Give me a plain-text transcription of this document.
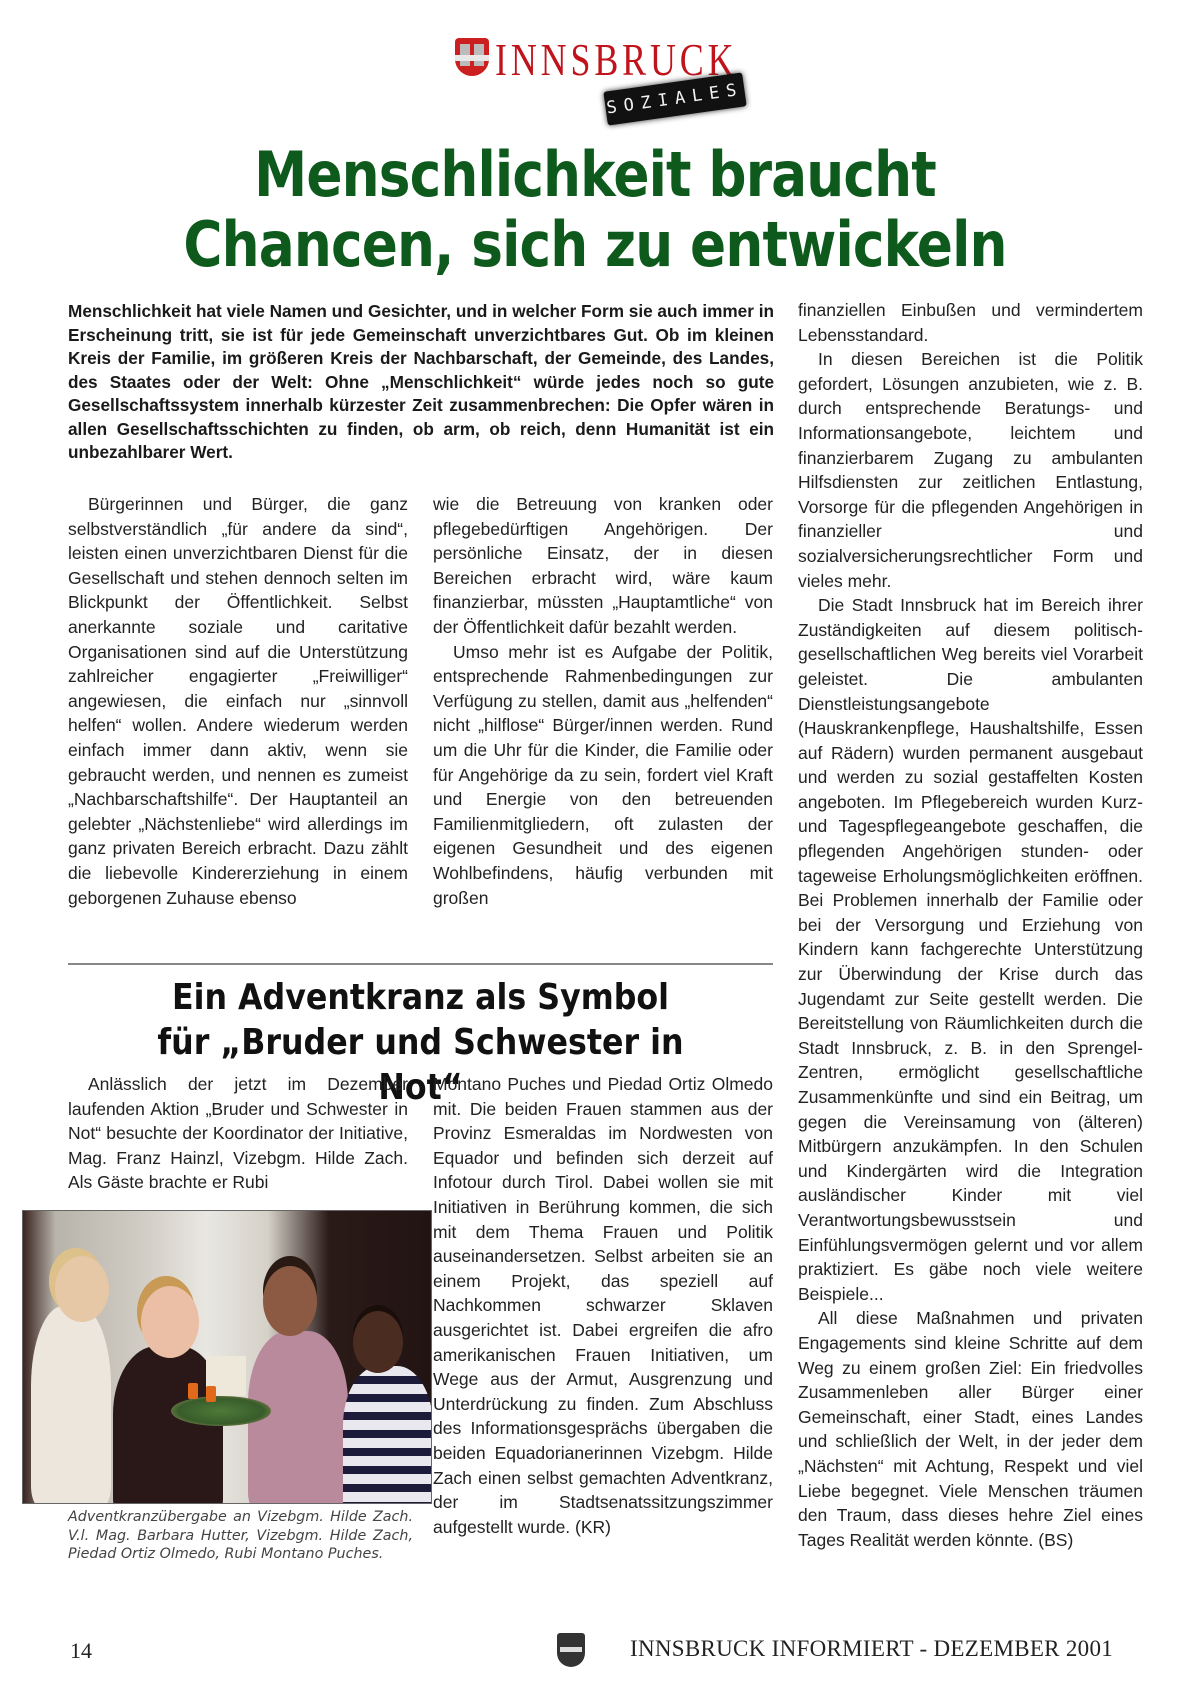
INNSBRUCK
SOZIALES
Menschlichkeit braucht
Chancen, sich zu entwickeln
Menschlichkeit hat viele Namen und Gesichter, und in welcher Form sie auch immer in Erscheinung tritt, sie ist für jede Gemeinschaft unverzichtbares Gut. Ob im kleinen Kreis der Familie, im größeren Kreis der Nachbarschaft, der Gemeinde, des Landes, des Staates oder der Welt: Ohne „Menschlichkeit“ würde jedes noch so gute Gesellschaftssystem innerhalb kürzester Zeit zusammenbrechen: Die Opfer wären in allen Gesellschaftsschichten zu finden, ob arm, ob reich, denn Humanität ist ein unbezahlbarer Wert.

Bürgerinnen und Bürger, die ganz selbstverständlich „für andere da sind“, leisten einen unverzichtbaren Dienst für die Gesellschaft und stehen dennoch selten im Blickpunkt der Öffentlichkeit. Selbst anerkannte soziale und caritative Organisationen sind auf die Unterstützung zahlreicher engagierter „Freiwilliger“ angewiesen, die einfach nur „sinnvoll helfen“ wollen. Andere wiederum werden einfach immer dann aktiv, wenn sie gebraucht werden, und nennen es zumeist „Nachbarschaftshilfe“. Der Hauptanteil an gelebter „Nächstenliebe“ wird allerdings im ganz privaten Bereich erbracht. Dazu zählt die liebevolle Kindererziehung in einem geborgenen Zuhause ebenso

wie die Betreuung von kranken oder pflegebedürftigen Angehörigen. Der persönliche Einsatz, der in diesen Bereichen erbracht wird, wäre kaum finanzierbar, müssten „Hauptamtliche“ von der Öffentlichkeit dafür bezahlt werden.

Umso mehr ist es Aufgabe der Politik, entsprechende Rahmenbedingungen zur Verfügung zu stellen, damit aus „helfenden“ nicht „hilflose“ Bürger/innen werden. Rund um die Uhr für die Kinder, die Familie oder für Angehörige da zu sein, fordert viel Kraft und Energie von den betreuenden Familienmitgliedern, oft zulasten der eigenen Gesundheit und des eigenen Wohlbefindens, häufig verbunden mit großen

finanziellen Einbußen und vermindertem Lebensstandard.

In diesen Bereichen ist die Politik gefordert, Lösungen anzubieten, wie z. B. durch entsprechende Beratungs- und Informationsangebote, leichtem und finanzierbarem Zugang zu ambulanten Hilfsdiensten zur zeitlichen Entlastung, Vorsorge für die pflegenden Angehörigen in finanzieller und sozialversicherungsrechtlicher Form und vieles mehr.

Die Stadt Innsbruck hat im Bereich ihrer Zuständigkeiten auf diesem politisch-gesellschaftlichen Weg bereits viel Vorarbeit geleistet. Die ambulanten Dienstleistungsangebote (Hauskrankenpflege, Haushaltshilfe, Essen auf Rädern) wurden permanent ausgebaut und werden zu sozial gestaffelten Kosten angeboten. Im Pflegebereich wurden Kurz- und Tagespflegeangebote geschaffen, die pflegenden Angehörigen stunden- oder tageweise Erholungsmöglichkeiten eröffnen. Bei Problemen innerhalb der Familie oder bei der Versorgung und Erziehung von Kindern kann fachgerechte Unterstützung zur Überwindung der Krise durch das Jugendamt zur Seite gestellt werden. Die Bereitstellung von Räumlichkeiten durch die Stadt Innsbruck, z. B. in den Sprengel-Zentren, ermöglicht gesellschaftliche Zusammenkünfte und sind ein Beitrag, um gegen die Vereinsamung von (älteren) Mitbürgern anzukämpfen. In den Schulen und Kindergärten wird die Integration ausländischer Kinder mit viel Verantwortungsbewusstsein und Einfühlungsvermögen gelernt und vor allem praktiziert. Es gäbe noch viele weitere Beispiele...

All diese Maßnahmen und privaten Engagements sind kleine Schritte auf dem Weg zu einem großen Ziel: Ein friedvolles Zusammenleben aller Bürger einer Gemeinschaft, einer Stadt, eines Landes und schließlich der Welt, in der jeder dem „Nächsten“ mit Achtung, Respekt und viel Liebe begegnet. Viele Menschen träumen den Traum, dass dieses hehre Ziel eines Tages Realität werden könnte. (BS)

Ein Adventkranz als Symbol
für „Bruder und Schwester in Not“

Anlässlich der jetzt im Dezember laufenden Aktion „Bruder und Schwester in Not“ besuchte der Koordinator der Initiative, Mag. Franz Hainzl, Vizebgm. Hilde Zach. Als Gäste brachte er Rubi

Montano Puches und Piedad Ortiz Olmedo mit. Die beiden Frauen stammen aus der Provinz Esmeraldas im Nordwesten von Equador und befinden sich derzeit auf Infotour durch Tirol. Dabei wollen sie mit Initiativen in Berührung kommen, die sich mit dem Thema Frauen und Politik auseinandersetzen. Selbst arbeiten sie an einem Projekt, das speziell auf Nachkommen schwarzer Sklaven ausgerichtet ist. Dabei ergreifen die afro amerikanischen Frauen Initiativen, um Wege aus der Armut, Ausgrenzung und Unterdrückung zu finden. Zum Abschluss des Informationsgesprächs übergaben die beiden Equadorianerinnen Vizebgm. Hilde Zach einen selbst gemachten Adventkranz, der im Stadtsenatssitzungszimmer aufgestellt wurde. (KR)

Adventkranzübergabe an Vizebgm. Hilde Zach. V.l. Mag. Barbara Hutter, Vizebgm. Hilde Zach, Piedad Ortiz Olmedo, Rubi Montano Puches.
14	INNSBRUCK INFORMIERT - DEZEMBER 2001
